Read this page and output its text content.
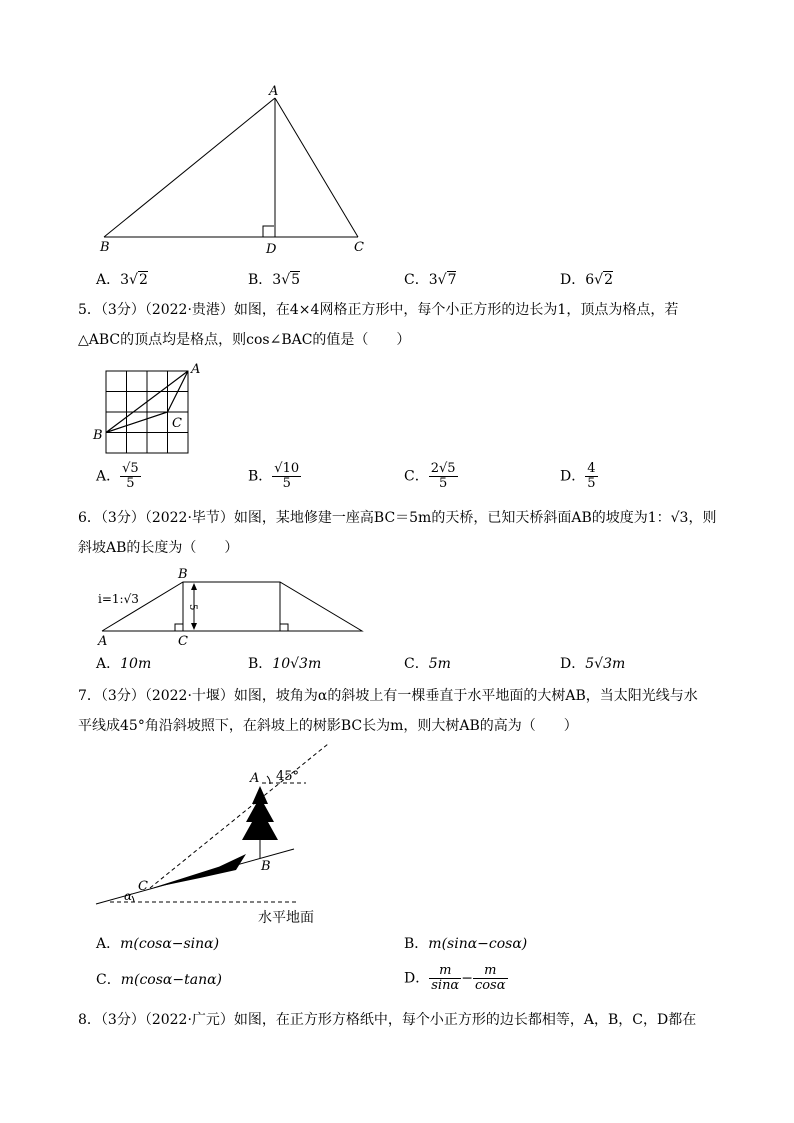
A
B	D	C
A．3√2	B．3√5	C．3√7	D．6√2
5．（3分）（2022·贵港）如图，在4×4网格正方形中，每个小正方形的边长为1，顶点为格点，若
△ABC的顶点均是格点，则cos∠BAC的值是（　　）
A
B
C
A． $\frac{√5}{5}$	B． $\frac{√10}{5}$	C． $\frac{2√5}{5}$	D． $\frac{4}{5}$
6．（3分）（2022·毕节）如图，某地修建一座高BC＝5m的天桥，已知天桥斜面AB的坡度为1：√3，则
斜坡AB的长度为（　　）
5
i=1:√3
A
B
C
A．10m	B．10√3m	C．5m	D．5√3m
7．（3分）（2022·十堰）如图，坡角为α的斜坡上有一棵垂直于水平地面的大树AB，当太阳光线与水
平线成45°角沿斜坡照下，在斜坡上的树影BC长为m，则大树AB的高为（　　）
45°
α
A
B
C
水平地面
A．m(cosα−sinα)	B．m(sinα−cosα)
C．m(cosα−tanα)	D． $\frac{m}{\sin\alpha} - \frac{m}{\cos\alpha}$
8．（3分）（2022·广元）如图，在正方形方格纸中，每个小正方形的边长都相等，A，B，C，D都在
